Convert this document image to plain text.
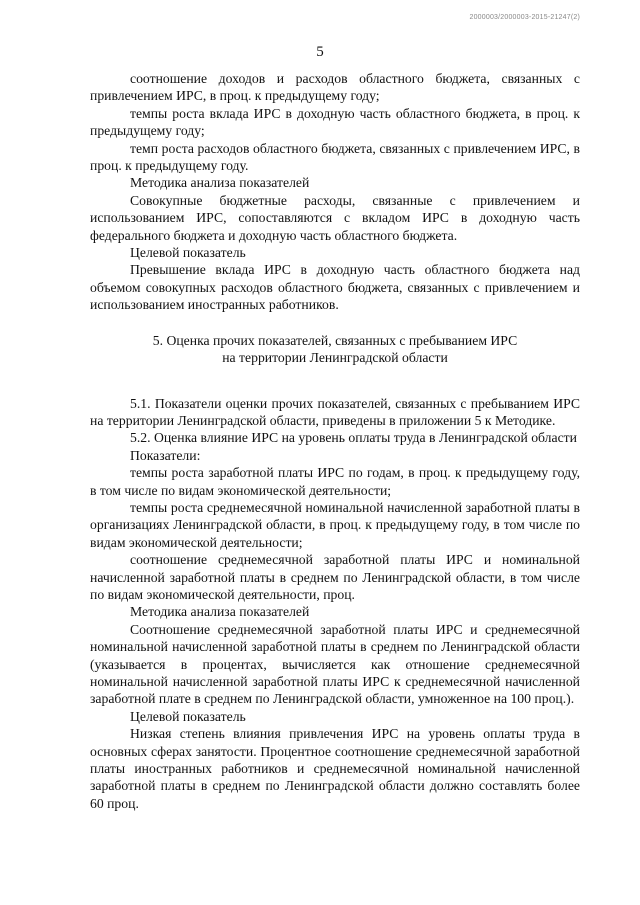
2000003/2000003-2015-21247(2)
5

соотношение доходов и расходов областного бюджета, связанных с привлечением ИРС, в проц. к предыдущему году;

темпы роста вклада ИРС в доходную часть областного бюджета, в проц. к предыдущему году;

темп роста расходов областного бюджета, связанных с привлечением ИРС, в проц. к предыдущему году.

Методика анализа показателей

Совокупные бюджетные расходы, связанные с привлечением и использованием ИРС, сопоставляются с вкладом ИРС в доходную часть федерального бюджета и доходную часть областного бюджета.

Целевой показатель

Превышение вклада ИРС в доходную часть областного бюджета над объемом совокупных расходов областного бюджета, связанных с привлечением и использованием иностранных работников.

5. Оценка прочих показателей, связанных с пребыванием ИРС
на территории Ленинградской области

5.1. Показатели оценки прочих показателей, связанных с пребыванием ИРС на территории Ленинградской области, приведены в приложении 5 к Методике.

5.2. Оценка влияние ИРС на уровень оплаты труда в Ленинградской области

Показатели:

темпы роста заработной платы ИРС по годам, в проц. к предыдущему году, в том числе по видам экономической деятельности;

темпы роста среднемесячной номинальной начисленной заработной платы в организациях Ленинградской области, в проц. к предыдущему году, в том числе по видам экономической деятельности;

соотношение среднемесячной заработной платы ИРС и номинальной начисленной заработной платы в среднем по Ленинградской области, в том числе по видам экономической деятельности, проц.

Методика анализа показателей

Соотношение среднемесячной заработной платы ИРС и среднемесячной номинальной начисленной заработной платы в среднем по Ленинградской области (указывается в процентах, вычисляется как отношение среднемесячной номинальной начисленной заработной платы ИРС к среднемесячной начисленной заработной плате в среднем по Ленинградской области, умноженное на 100 проц.).

Целевой показатель

Низкая степень влияния привлечения ИРС на уровень оплаты труда в основных сферах занятости. Процентное соотношение среднемесячной заработной платы иностранных работников и среднемесячной номинальной начисленной заработной платы в среднем по Ленинградской области должно составлять более 60 проц.
